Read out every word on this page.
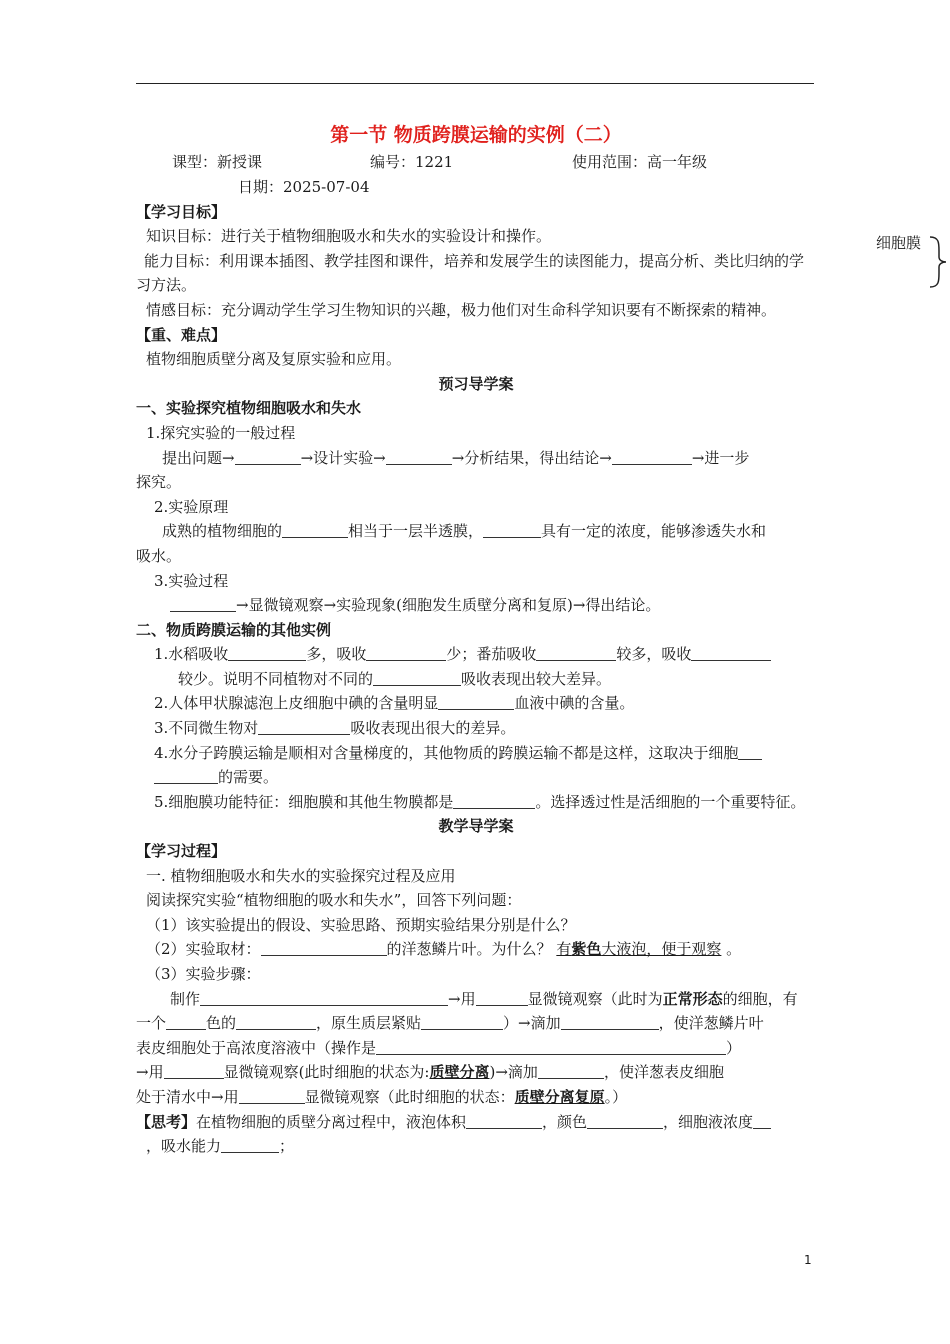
第一节 物质跨膜运输的实例（二）
课型：新授课	编号：1221	使用范围：高一年级
日期：2025-07-04
【学习目标】
知识目标：进行关于植物细胞吸水和失水的实验设计和操作。
能力目标：利用课本插图、教学挂图和课件，培养和发展学生的读图能力，提高分析、类比归纳的学习方法。
情感目标：充分调动学生学习生物知识的兴趣，极力他们对生命科学知识要有不断探索的精神。
【重、难点】
植物细胞质壁分离及复原实验和应用。
预习导学案
一、实验探究植物细胞吸水和失水
1.探究实验的一般过程
提出问题→	→设计实验→	→分析结果，得出结论→	→进一步
探究。
2.实验原理
成熟的植物细胞的	相当于一层半透膜，	具有一定的浓度，能够渗透失水和
吸水。
3.实验过程
→显微镜观察→实验现象(细胞发生质壁分离和复原)→得出结论。
二、物质跨膜运输的其他实例
1.水稻吸收	多，吸收	少；番茄吸收	较多，吸收
较少。说明不同植物对不同的	吸收表现出较大差异。
2.人体甲状腺滤泡上皮细胞中碘的含量明显	血液中碘的含量。
3.不同微生物对	吸收表现出很大的差异。
4.水分子跨膜运输是顺相对含量梯度的，其他物质的跨膜运输不都是这样，这取决于细胞
的需要。
5.细胞膜功能特征：细胞膜和其他生物膜都是	。选择透过性是活细胞的一个重要特征。
教学导学案
【学习过程】
一. 植物细胞吸水和失水的实验探究过程及应用
阅读探究实验“植物细胞的吸水和失水”，回答下列问题：
（1）该实验提出的假设、实验思路、预期实验结果分别是什么？
（2）实验取材：	的洋葱鳞片叶。为什么？ 有紫色大液泡，便于观察 。
（3）实验步骤：
制作	→用	显微镜观察（此时为正常形态的细胞，有
一个	色的	，原生质层紧贴	）→滴加	，使洋葱鳞片叶
表皮细胞处于高浓度溶液中（操作是	）
→用	显微镜观察(此时细胞的状态为:质壁分离)→滴加	，使洋葱表皮细胞
处于清水中→用	显微镜观察（此时细胞的状态：质壁分离复原。）
【思考】在植物细胞的质壁分离过程中，液泡体积	，颜色	，细胞液浓度
，吸水能力	；
细胞膜
1
